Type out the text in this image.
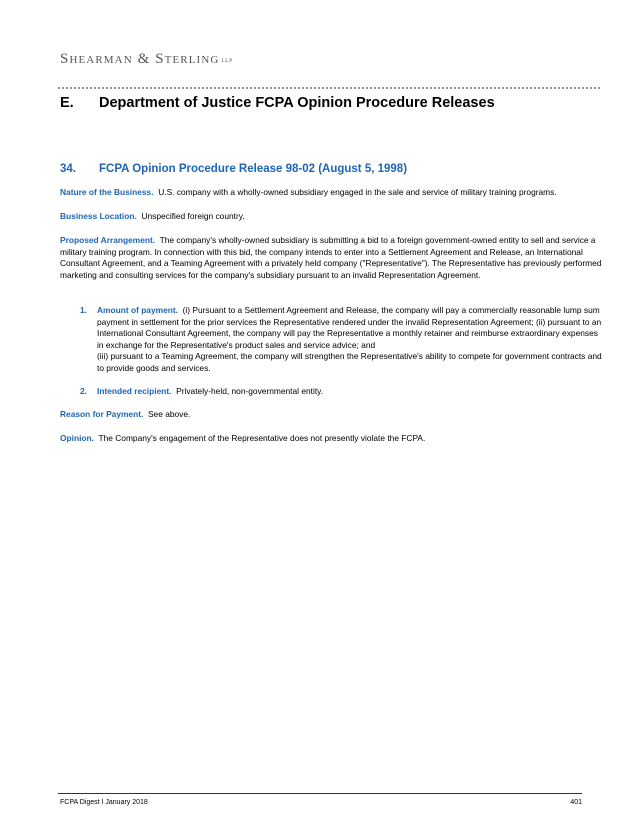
Shearman & Sterling LLP
E. Department of Justice FCPA Opinion Procedure Releases
34. FCPA Opinion Procedure Release 98-02 (August 5, 1998)
Nature of the Business. U.S. company with a wholly-owned subsidiary engaged in the sale and service of military training programs.
Business Location. Unspecified foreign country.
Proposed Arrangement. The company's wholly-owned subsidiary is submitting a bid to a foreign government-owned entity to sell and service a military training program. In connection with this bid, the company intends to enter into a Settlement Agreement and Release, an International Consultant Agreement, and a Teaming Agreement with a privately held company ("Representative"). The Representative has previously performed marketing and consulting services for the company's subsidiary pursuant to an invalid Representation Agreement.
1. Amount of payment. (i) Pursuant to a Settlement Agreement and Release, the company will pay a commercially reasonable lump sum payment in settlement for the prior services the Representative rendered under the invalid Representation Agreement; (ii) pursuant to an International Consultant Agreement, the company will pay the Representative a monthly retainer and reimburse extraordinary expenses in exchange for the Representative's product sales and service advice; and
(iii) pursuant to a Teaming Agreement, the company will strengthen the Representative's ability to compete for government contracts and to provide goods and services.
2. Intended recipient. Privately-held, non-governmental entity.
Reason for Payment. See above.
Opinion. The Company's engagement of the Representative does not presently violate the FCPA.
FCPA Digest I January 2018	401
